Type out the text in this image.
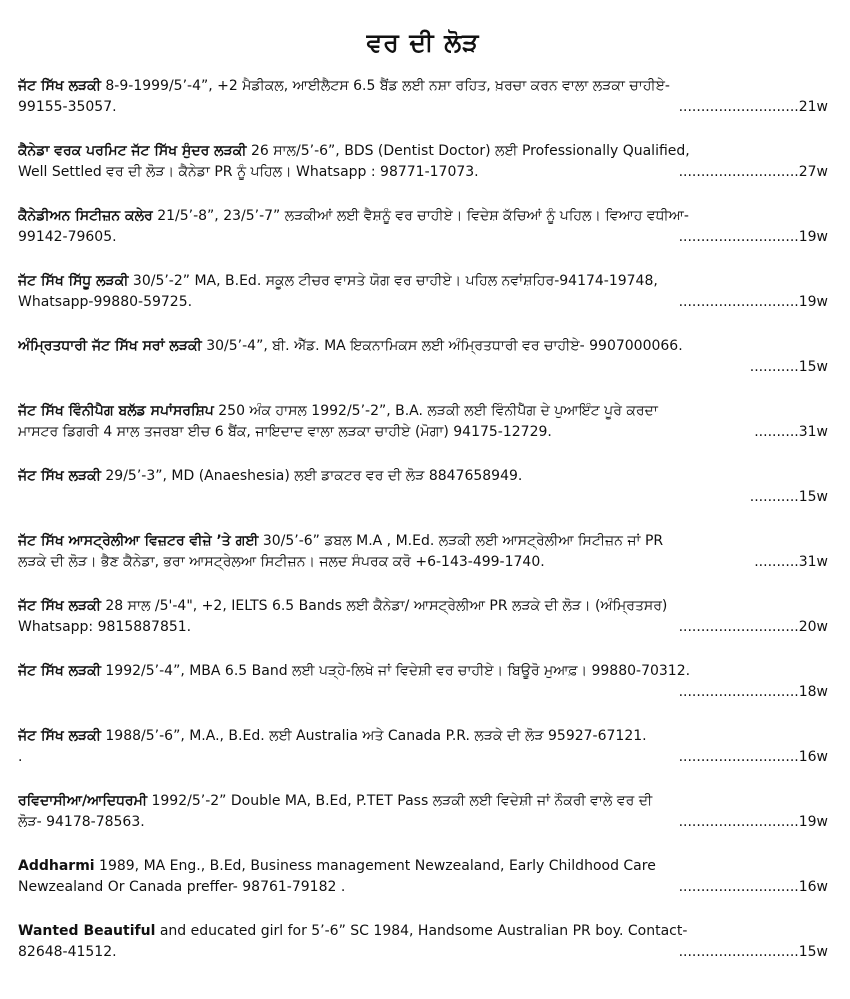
ਵਰ ਦੀ ਲੋੜ

ਜੱਟ ਸਿੱਖ ਲੜਕੀ 8-9-1999/5’-4”, +2 ਮੈਡੀਕਲ, ਆਈਲੈਟਸ 6.5 ਬੈਂਡ ਲਈ ਨਸ਼ਾ ਰਹਿਤ, ਖ਼ਰਚਾ ਕਰਨ ਵਾਲਾ ਲੜਕਾ ਚਾਹੀਏ-

99155-35057.	........................... 21w

ਕੈਨੇਡਾ ਵਰਕ ਪਰਮਿਟ ਜੱਟ ਸਿੱਖ ਸੁੰਦਰ ਲੜਕੀ 26 ਸਾਲ/5’-6”, BDS (Dentist Doctor) ਲਈ Professionally Qualified,

Well Settled ਵਰ ਦੀ ਲੋੜ। ਕੈਨੇਡਾ PR ਨੂੰ ਪਹਿਲ। Whatsapp : 98771-17073.	........................... 27w

ਕੈਨੇਡੀਅਨ ਸਿਟੀਜ਼ਨ ਕਲੇਰ 21/5’-8”, 23/5’-7” ਲੜਕੀਆਂ ਲਈ ਵੈਸ਼ਨੂੰ ਵਰ ਚਾਹੀਏ। ਵਿਦੇਸ਼ ਕੱਚਿਆਂ ਨੂੰ ਪਹਿਲ। ਵਿਆਹ ਵਧੀਆ-

99142-79605.	........................... 19w

ਜੱਟ ਸਿੱਖ ਸਿੱਧੂ ਲੜਕੀ 30/5’-2” MA, B.Ed. ਸਕੂਲ ਟੀਚਰ ਵਾਸਤੇ ਯੋਗ ਵਰ ਚਾਹੀਏ। ਪਹਿਲ ਨਵਾਂਸ਼ਹਿਰ-94174-19748,

Whatsapp-99880-59725.	........................... 19w

ਅੰਮ੍ਰਿਤਧਾਰੀ ਜੱਟ ਸਿੱਖ ਸਰਾਂ ਲੜਕੀ 30/5’-4”, ਬੀ. ਐੱਡ. MA ਇਕਨਾਮਿਕਸ ਲਈ ਅੰਮ੍ਰਿਤਧਾਰੀ ਵਰ ਚਾਹੀਏ- 9907000066.

........... 15w

ਜੱਟ ਸਿੱਖ ਵਿੰਨੀਪੈਗ ਬਲੱਡ ਸਪਾਂਸਰਸ਼ਿਪ 250 ਅੰਕ ਹਾਸਲ 1992/5’-2”, B.A. ਲੜਕੀ ਲਈ ਵਿੰਨੀਪੈੱਗ ਦੇ ਪੁਆਇੰਟ ਪੂਰੇ ਕਰਦਾ

ਮਾਸਟਰ ਡਿਗਰੀ 4 ਸਾਲ ਤਜਰਬਾ ਈਚ 6 ਬੈਂਕ, ਜਾਇਦਾਦ ਵਾਲਾ ਲੜਕਾ ਚਾਹੀਏ (ਮੋਗਾ) 94175-12729.	.......... 31w

ਜੱਟ ਸਿੱਖ ਲੜਕੀ 29/5’-3”, MD (Anaeshesia) ਲਈ ਡਾਕਟਰ ਵਰ ਦੀ ਲੋੜ 8847658949.

........... 15w

ਜੱਟ ਸਿੱਖ ਆਸਟ੍ਰੇਲੀਆ ਵਿਜ਼ਟਰ ਵੀਜ਼ੇ ’ਤੇ ਗਈ 30/5’-6” ਡਬਲ M.A , M.Ed. ਲੜਕੀ ਲਈ ਆਸਟ੍ਰੇਲੀਆ ਸਿਟੀਜ਼ਨ ਜਾਂ PR

ਲੜਕੇ ਦੀ ਲੋੜ। ਭੈਣ ਕੈਨੇਡਾ, ਭਰਾ ਆਸਟ੍ਰੇਲਆ ਸਿਟੀਜ਼ਨ। ਜਲਦ ਸੰਪਰਕ ਕਰੋ +6-143-499-1740.	.......... 31w

ਜੱਟ ਸਿੱਖ ਲੜਕੀ 28 ਸਾਲ /5'-4", +2, IELTS 6.5 Bands ਲਈ ਕੈਨੇਡਾ/ ਆਸਟ੍ਰੇਲੀਆ PR ਲੜਕੇ ਦੀ ਲੋੜ। (ਅੰਮ੍ਰਿਤਸਰ)

Whatsapp: 9815887851.	........................... 20w

ਜੱਟ ਸਿੱਖ ਲੜਕੀ 1992/5’-4”, MBA 6.5 Band ਲਈ ਪੜ੍ਹੇ-ਲਿਖੇ ਜਾਂ ਵਿਦੇਸ਼ੀ ਵਰ ਚਾਹੀਏ। ਬਿਊਰੋ ਮੁਆਫ਼। 99880-70312.

........................... 18w

ਜੱਟ ਸਿੱਖ ਲੜਕੀ 1988/5’-6”, M.A., B.Ed. ਲਈ Australia ਅਤੇ Canada P.R. ਲੜਕੇ ਦੀ ਲੋੜ 95927-67121.

.	........................... 16w

ਰਵਿਦਾਸੀਆ/ਆਦਿਧਰਮੀ 1992/5’-2” Double MA, B.Ed, P.TET Pass ਲੜਕੀ ਲਈ ਵਿਦੇਸ਼ੀ ਜਾਂ ਨੌਕਰੀ ਵਾਲੇ ਵਰ ਦੀ

ਲੋੜ- 94178-78563.	........................... 19w

Addharmi 1989, MA Eng., B.Ed, Business management Newzealand, Early Childhood Care

Newzealand Or Canada preffer- 98761-79182 .	........................... 16w

Wanted Beautiful and educated girl for 5’-6” SC 1984, Handsome Australian PR boy. Contact-

82648-41512.	........................... 15w
